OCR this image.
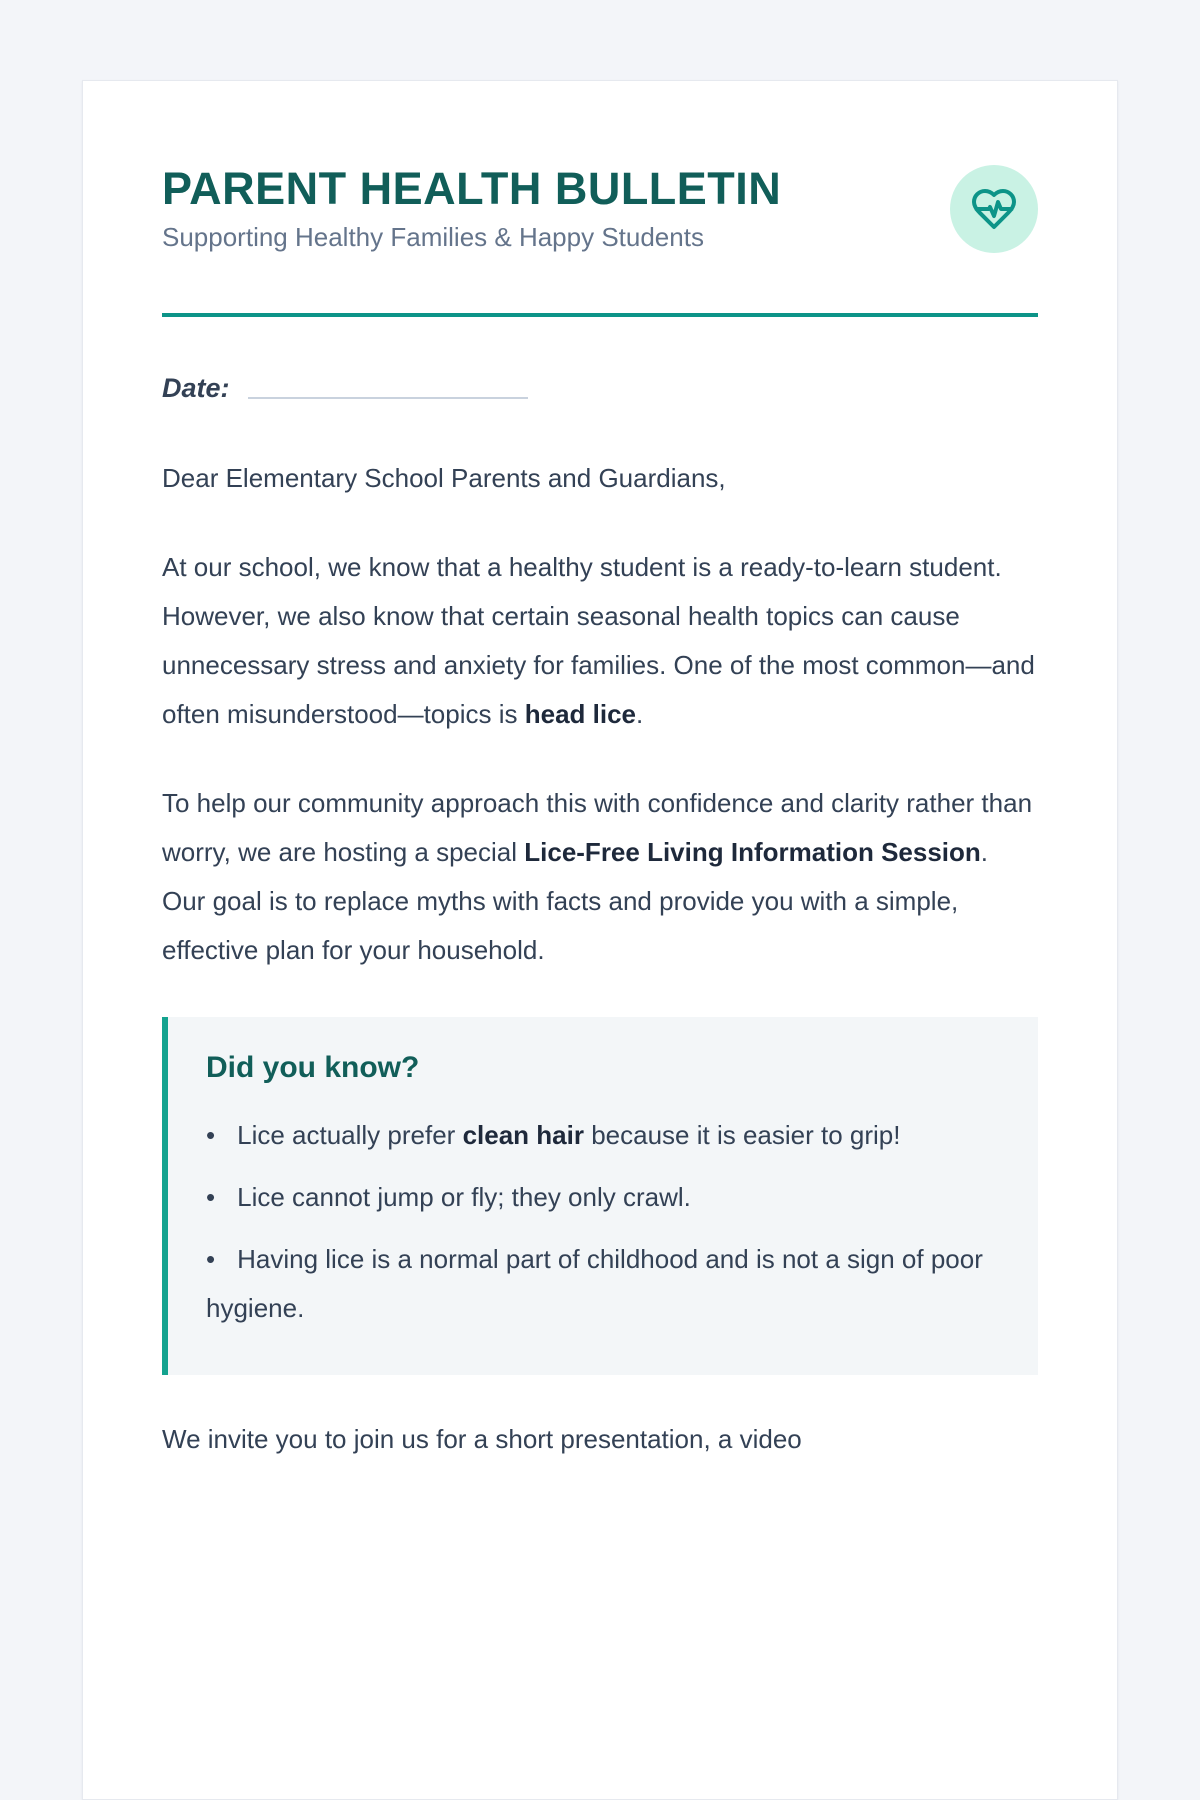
PARENT HEALTH BULLETIN

Supporting Healthy Families & Happy Students

Date:

Dear Elementary School Parents and Guardians,

At our school, we know that a healthy student is a ready-to-learn student. However, we also know that certain seasonal health topics can cause unnecessary stress and anxiety for families. One of the most common—and often misunderstood—topics is head lice.

To help our community approach this with confidence and clarity rather than worry, we are hosting a special Lice-Free Living Information Session. Our goal is to replace myths with facts and provide you with a simple, effective plan for your household.

Did you know?
• Lice actually prefer clean hair because it is easier to grip!
• Lice cannot jump or fly; they only crawl.
• Having lice is a normal part of childhood and is not a sign of poor hygiene.

We invite you to join us for a short presentation, a video
